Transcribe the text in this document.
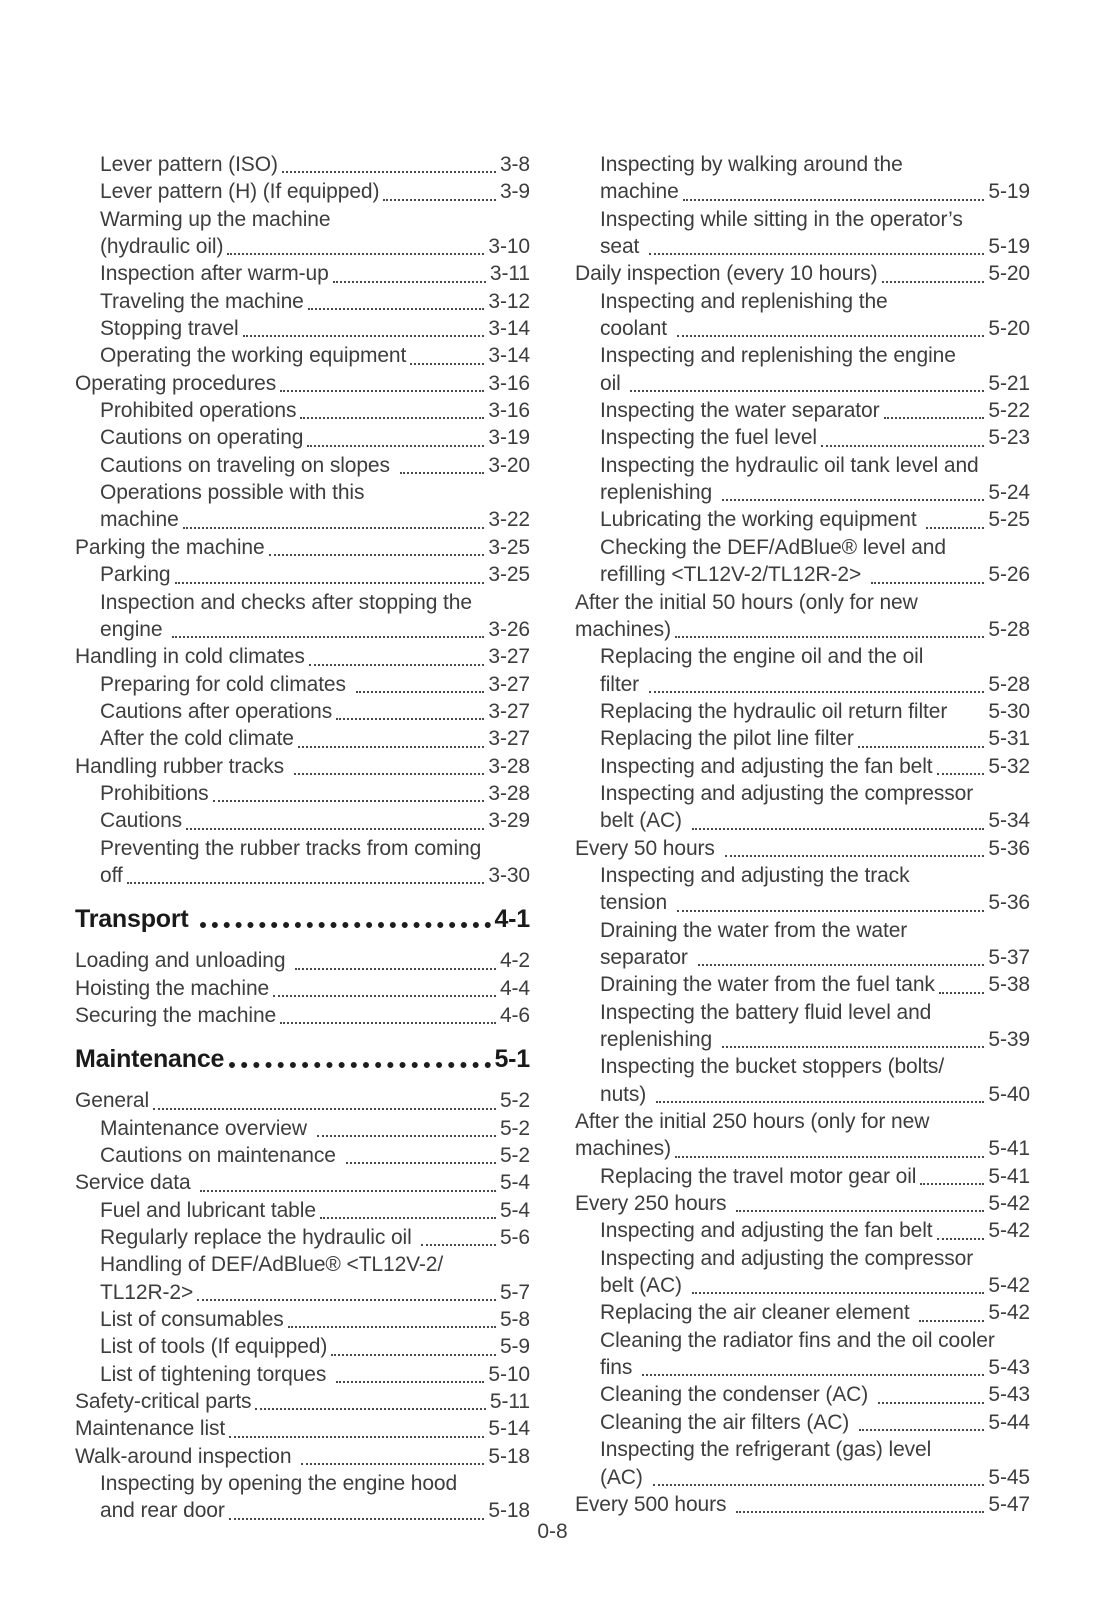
Lever pattern (ISO)	3-8
Lever pattern (H) (If equipped)	3-9
Warming up the machine
(hydraulic oil)	3-10
Inspection after warm-up	3-11
Traveling the machine	3-12
Stopping travel	3-14
Operating the working equipment	3-14
Operating procedures	3-16
Prohibited operations	3-16
Cautions on operating	3-19
Cautions on traveling on slopes	3-20
Operations possible with this
machine	3-22
Parking the machine	3-25
Parking	3-25
Inspection and checks after stopping the
engine	3-26
Handling in cold climates	3-27
Preparing for cold climates	3-27
Cautions after operations	3-27
After the cold climate	3-27
Handling rubber tracks	3-28
Prohibitions	3-28
Cautions	3-29
Preventing the rubber tracks from coming
off	3-30
Transport	4-1
Loading and unloading	4-2
Hoisting the machine	4-4
Securing the machine	4-6
Maintenance	5-1
General	5-2
Maintenance overview	5-2
Cautions on maintenance	5-2
Service data	5-4
Fuel and lubricant table	5-4
Regularly replace the hydraulic oil	5-6
Handling of DEF/AdBlue® <TL12V-2/
TL12R-2>	5-7
List of consumables	5-8
List of tools (If equipped)	5-9
List of tightening torques	5-10
Safety-critical parts	5-11
Maintenance list	5-14
Walk-around inspection	5-18
Inspecting by opening the engine hood
and rear door	5-18
Inspecting by walking around the
machine	5-19
Inspecting while sitting in the operator’s
seat	5-19
Daily inspection (every 10 hours)	5-20
Inspecting and replenishing the
coolant	5-20
Inspecting and replenishing the engine
oil	5-21
Inspecting the water separator	5-22
Inspecting the fuel level	5-23
Inspecting the hydraulic oil tank level and
replenishing	5-24
Lubricating the working equipment	5-25
Checking the DEF/AdBlue® level and
refilling <TL12V-2/TL12R-2>	5-26
After the initial 50 hours (only for new
machines)	5-28
Replacing the engine oil and the oil
filter	5-28
Replacing the hydraulic oil return filter 5-30
Replacing the pilot line filter	5-31
Inspecting and adjusting the fan belt	5-32
Inspecting and adjusting the compressor
belt (AC)	5-34
Every 50 hours	5-36
Inspecting and adjusting the track
tension	5-36
Draining the water from the water
separator	5-37
Draining the water from the fuel tank	5-38
Inspecting the battery fluid level and
replenishing	5-39
Inspecting the bucket stoppers (bolts/
nuts)	5-40
After the initial 250 hours (only for new
machines)	5-41
Replacing the travel motor gear oil	5-41
Every 250 hours	5-42
Inspecting and adjusting the fan belt	5-42
Inspecting and adjusting the compressor
belt (AC)	5-42
Replacing the air cleaner element	5-42
Cleaning the radiator fins and the oil cooler
fins	5-43
Cleaning the condenser (AC)	5-43
Cleaning the air filters (AC)	5-44
Inspecting the refrigerant (gas) level
(AC)	5-45
Every 500 hours	5-47
0-8
